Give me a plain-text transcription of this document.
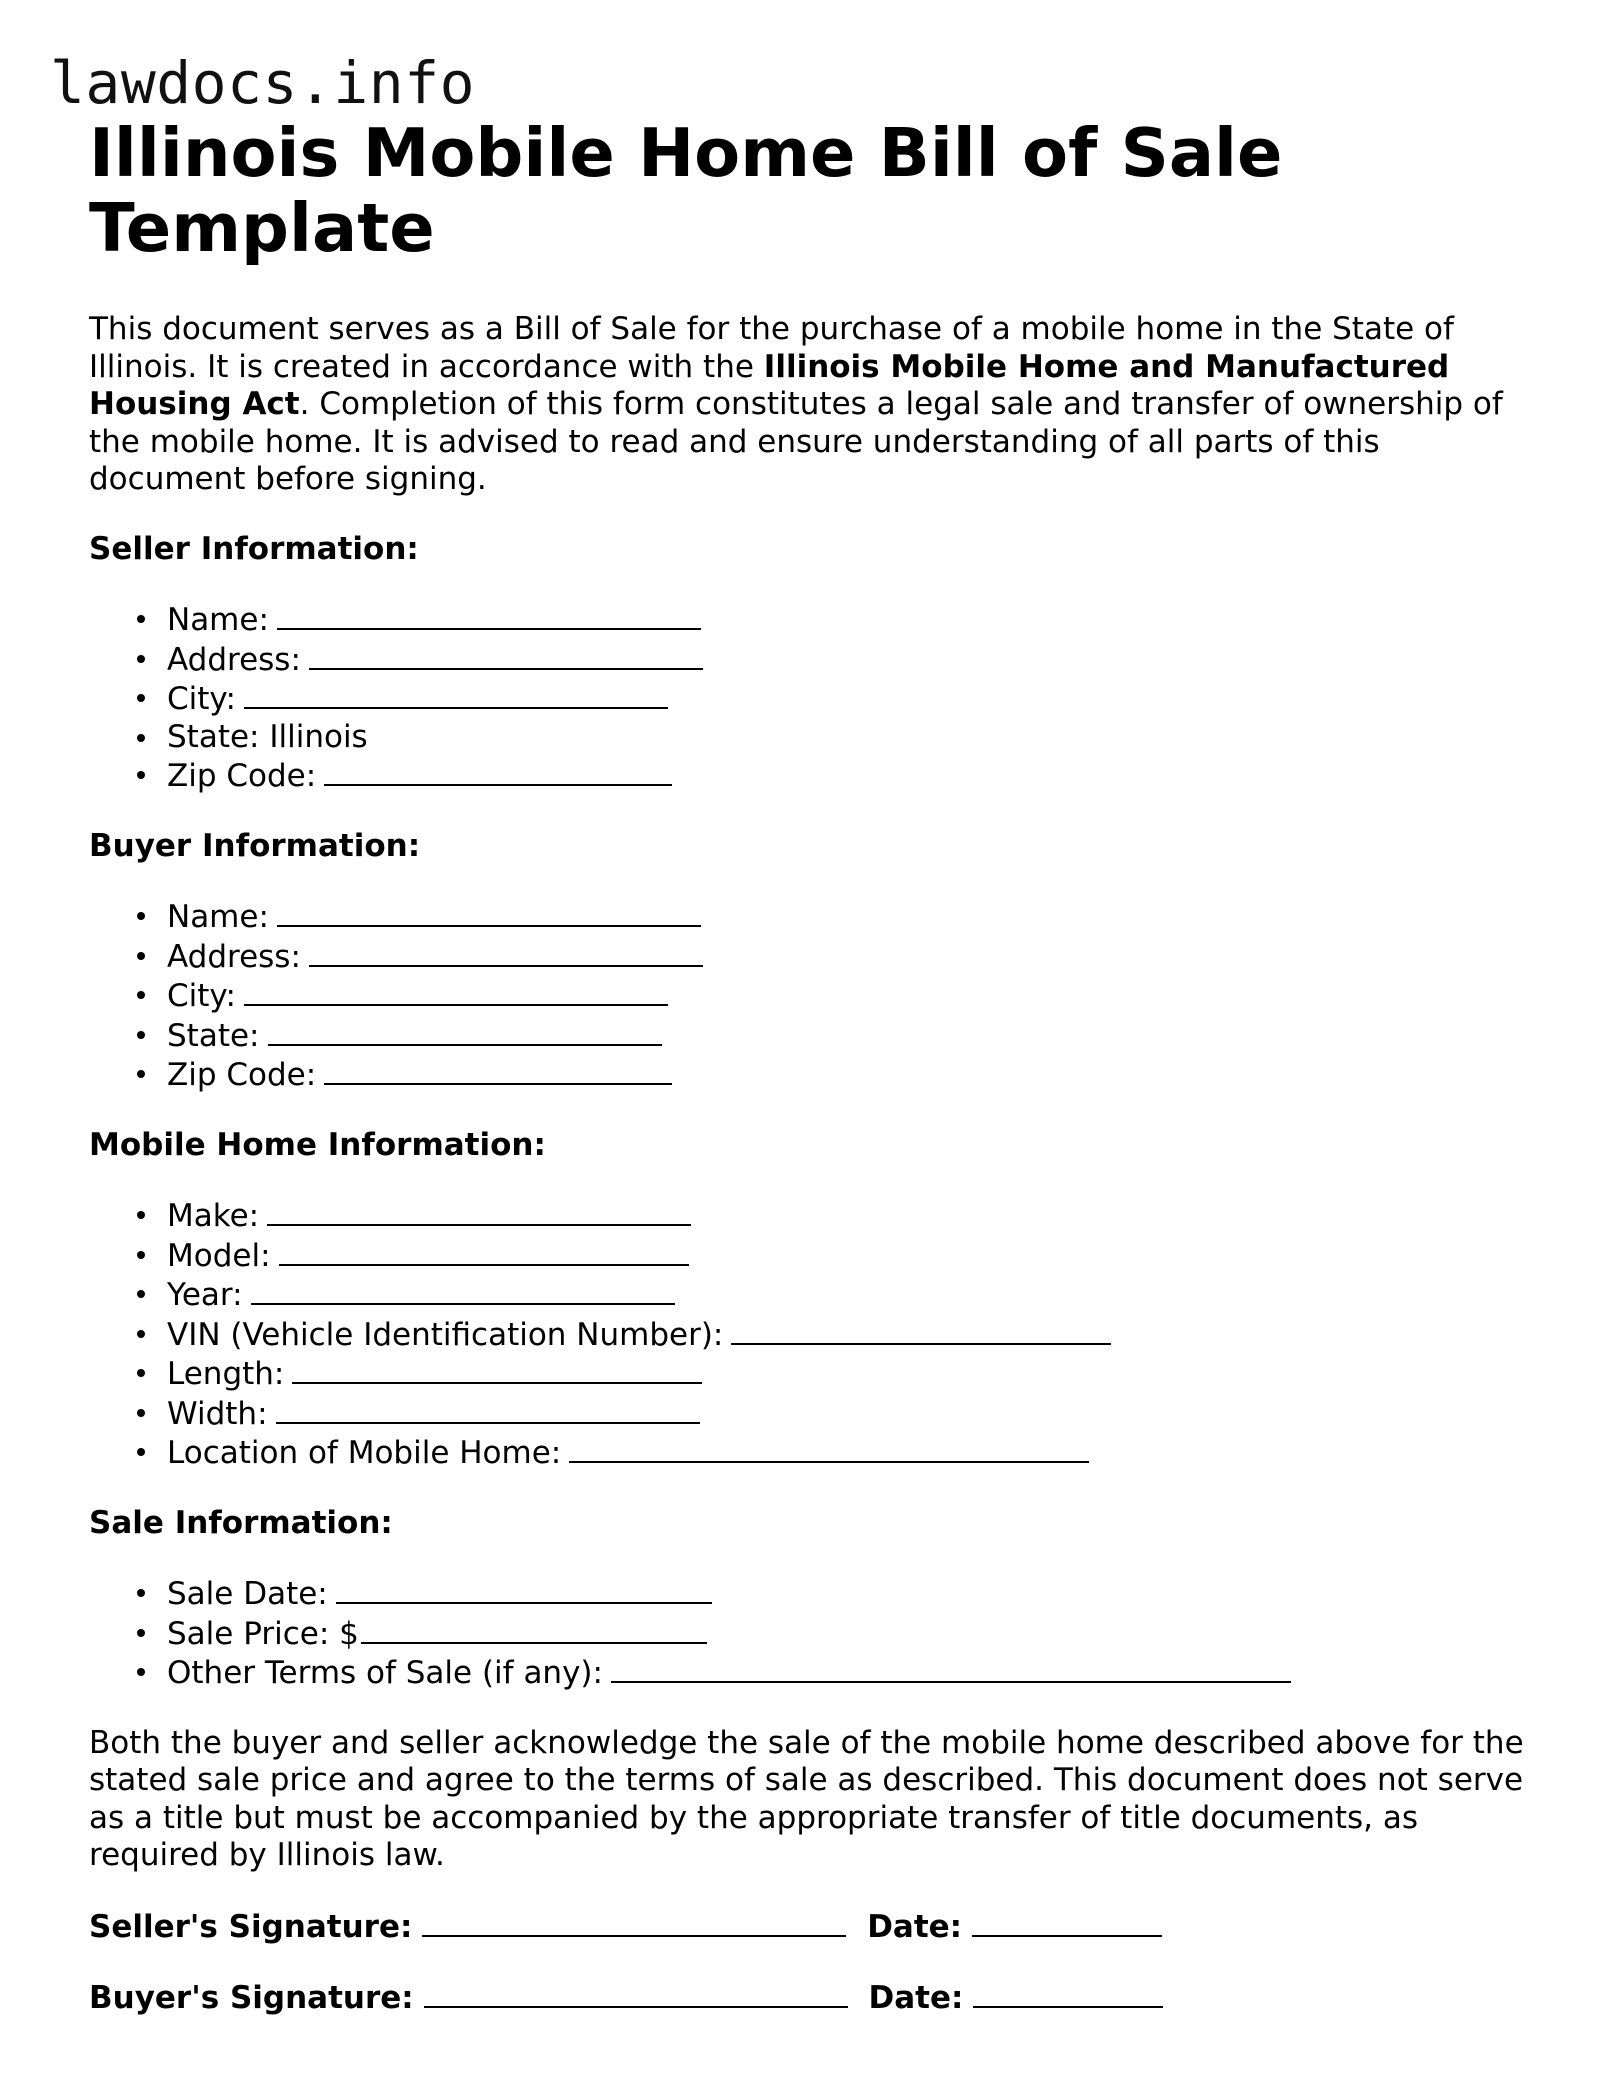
lawdocs.info
Illinois Mobile Home Bill of Sale Template

This document serves as a Bill of Sale for the purchase of a mobile home in the State of Illinois. It is created in accordance with the Illinois Mobile Home and Manufactured Housing Act. Completion of this form constitutes a legal sale and transfer of ownership of the mobile home. It is advised to read and ensure understanding of all parts of this document before signing.

Seller Information:
Name:
Address:
City:
State: Illinois
Zip Code:
Buyer Information:
Name:
Address:
City:
State:
Zip Code:
Mobile Home Information:
Make:
Model:
Year:
VIN (Vehicle Identification Number):
Length:
Width:
Location of Mobile Home:
Sale Information:
Sale Date:
Sale Price: $
Other Terms of Sale (if any):

Both the buyer and seller acknowledge the sale of the mobile home described above for the stated sale price and agree to the terms of sale as described. This document does not serve as a title but must be accompanied by the appropriate transfer of title documents, as required by Illinois law.

Seller's Signature:	Date:
Buyer's Signature:	Date:
